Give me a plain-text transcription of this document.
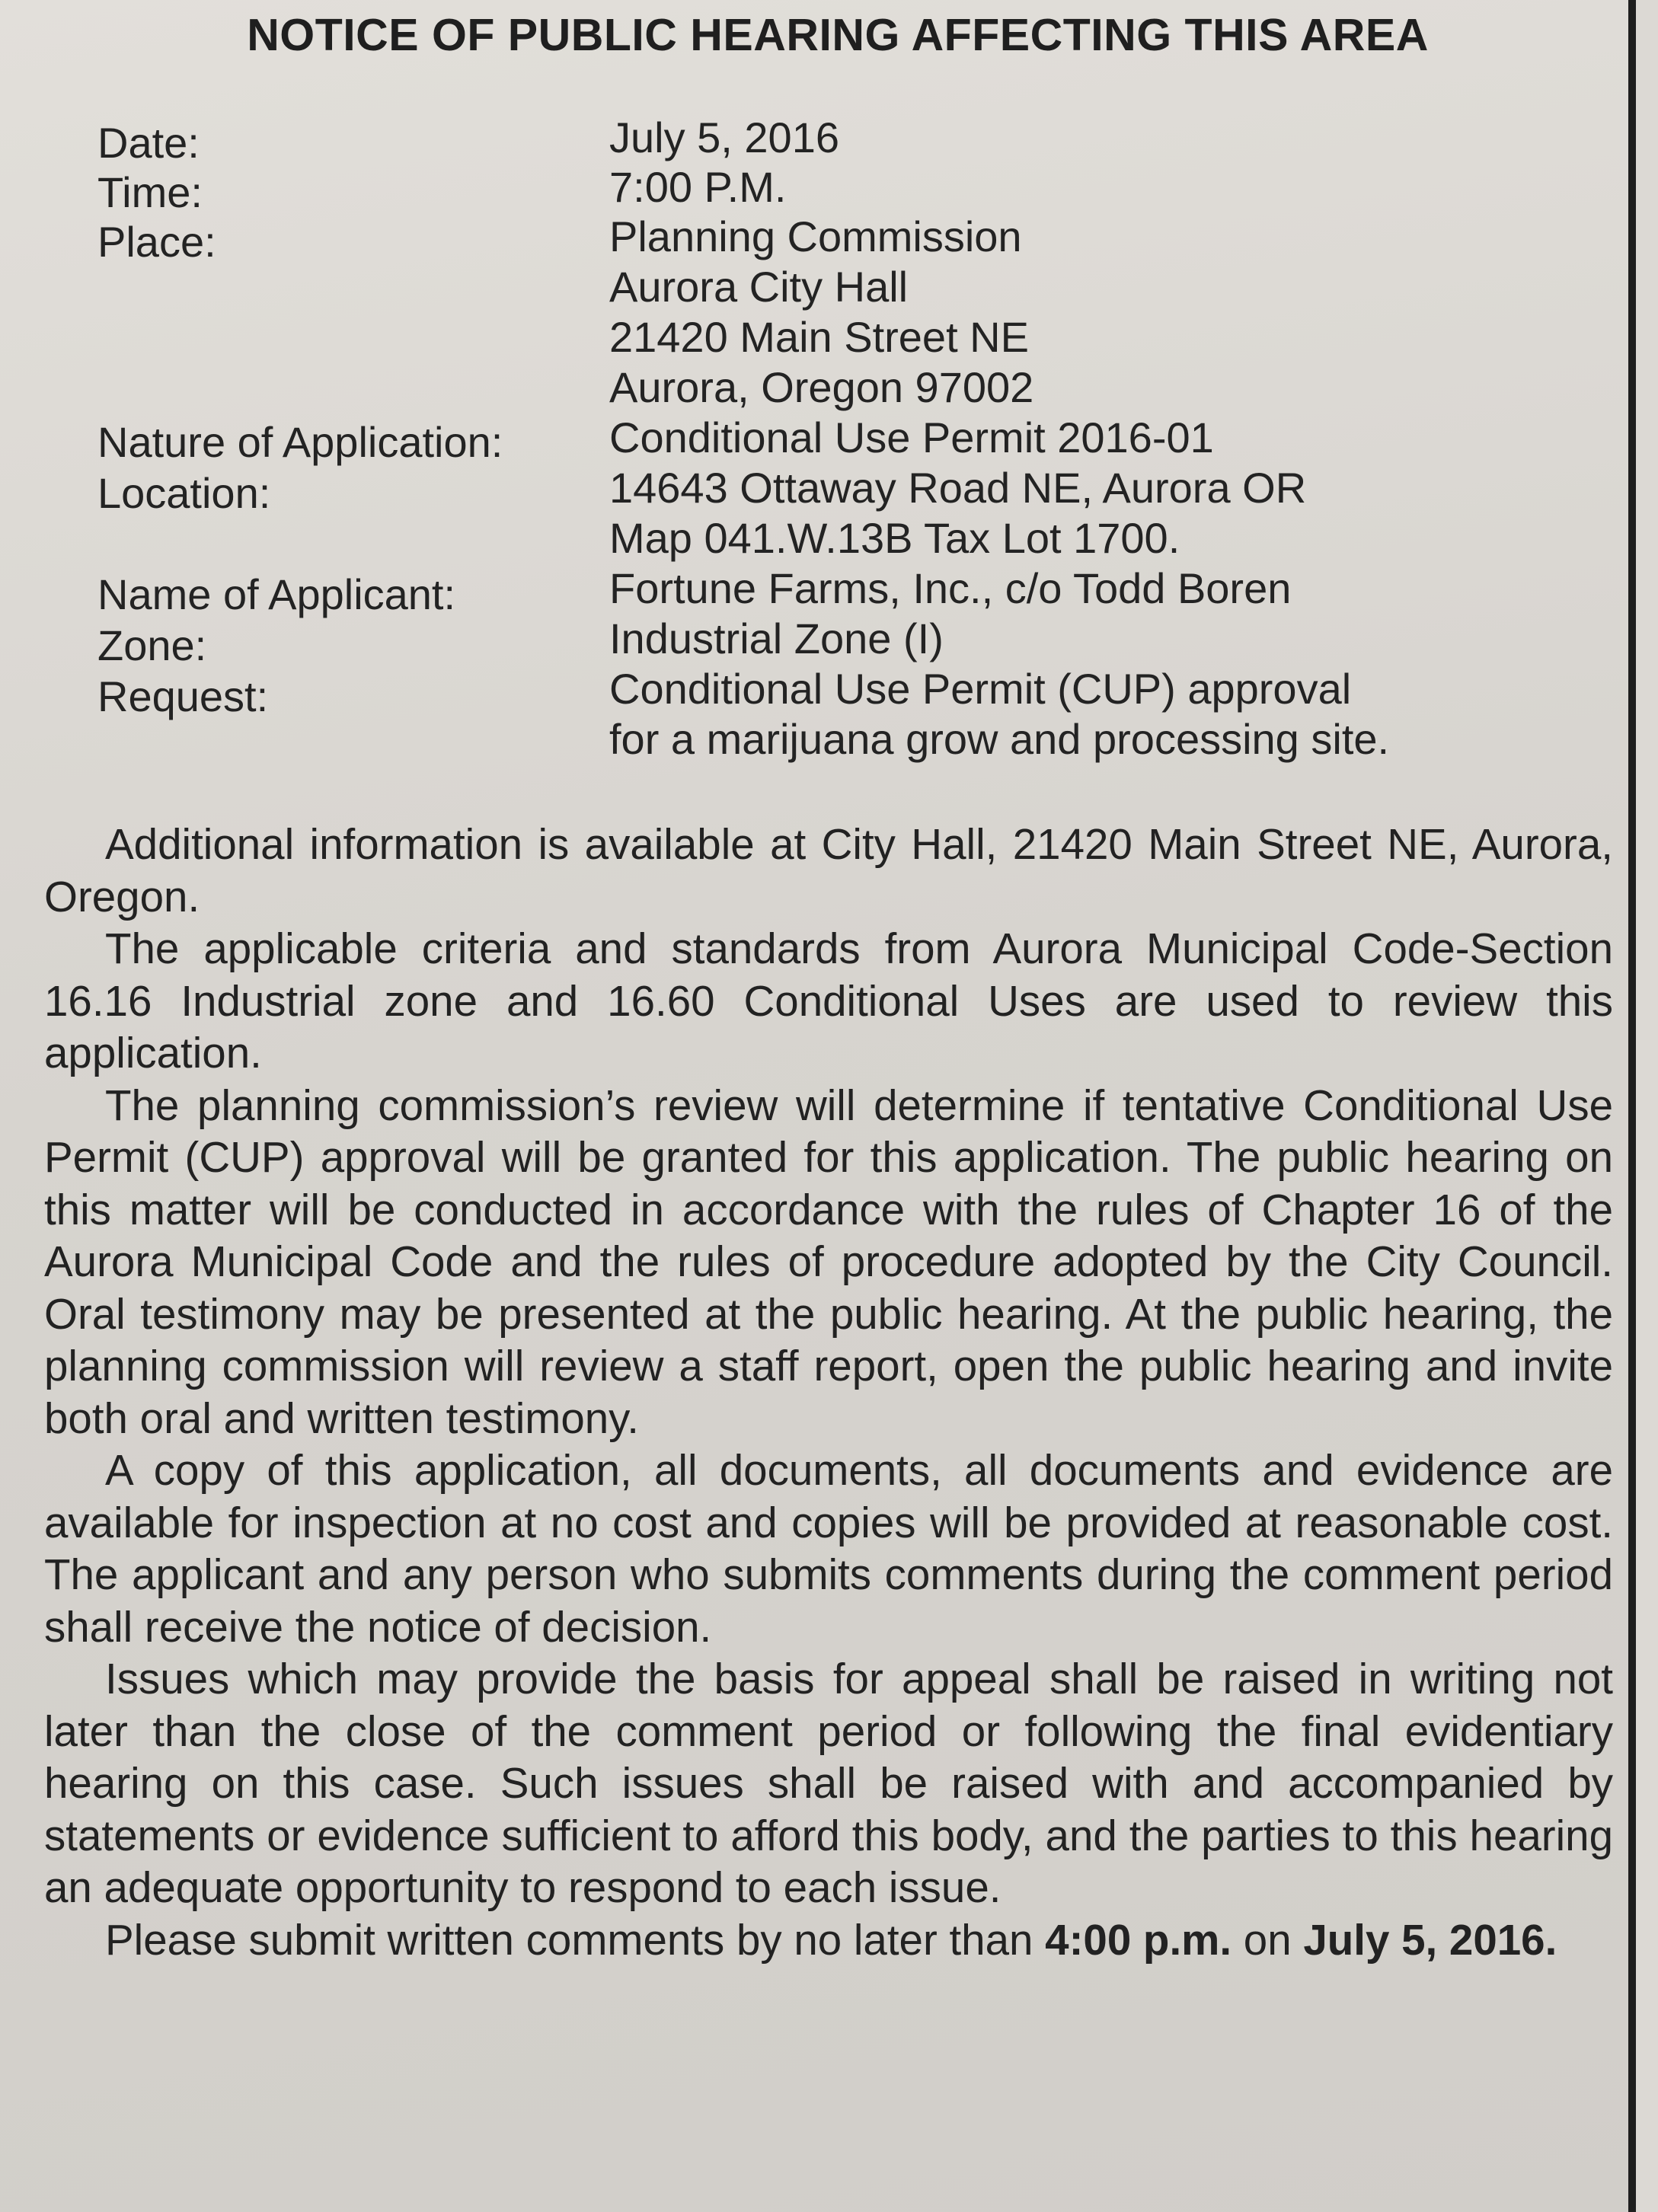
NOTICE OF PUBLIC HEARING AFFECTING THIS AREA
Date:
Time:
Place:
Nature of Application:
Location:
Name of Applicant:
Zone:
Request:
July 5, 2016
7:00 P.M.
Planning Commission
Aurora City Hall
21420 Main Street NE
Aurora, Oregon 97002
Conditional Use Permit 2016-01
14643 Ottaway Road NE, Aurora OR
Map 041.W.13B Tax Lot 1700.
Fortune Farms, Inc., c/o Todd Boren
Industrial Zone (I)
Conditional Use Permit (CUP) approval
for a marijuana grow and processing site.

Additional information is available at City Hall, 21420 Main Street NE, Aurora, Oregon.

The applicable criteria and standards from Aurora Municipal Code-Section 16.16 Industrial zone and 16.60 Conditional Uses are used to review this application.

The planning commission’s review will determine if tentative Conditional Use Permit (CUP) approval will be granted for this application. The public hearing on this matter will be conducted in accordance with the rules of Chapter 16 of the Aurora Municipal Code and the rules of procedure adopted by the City Council. Oral testimony may be presented at the public hearing. At the public hearing, the planning commission will review a staff report, open the public hearing and invite both oral and written testimony.

A copy of this application, all documents, all documents and evidence are available for inspection at no cost and copies will be provided at reasonable cost. The applicant and any person who submits comments during the comment period shall receive the notice of decision.

Issues which may provide the basis for appeal shall be raised in writing not later than the close of the comment period or following the final evidentiary hearing on this case. Such issues shall be raised with and accompanied by statements or evidence sufficient to afford this body, and the parties to this hearing an adequate opportunity to respond to each issue.

Please submit written comments by no later than 4:00 p.m. on July 5, 2016.
